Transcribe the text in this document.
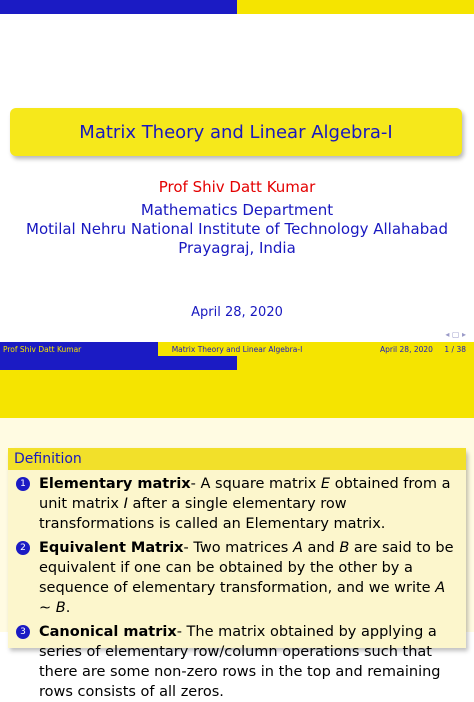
Matrix Theory and Linear Algebra-I
Prof Shiv Datt Kumar
Mathematics Department
Motilal Nehru National Institute of Technology Allahabad
Prayagraj, India
April 28, 2020
◂ ▢ ▸
Prof Shiv Datt Kumar	Matrix Theory and Linear Algebra-I	April 28, 2020 1 / 38
Definition
1 Elementary matrix- A square matrix E obtained from a unit matrix I after a single elementary row transformations is called an Elementary matrix.
2 Equivalent Matrix- Two matrices A and B are said to be equivalent if one can be obtained by the other by a sequence of elementary transformation, and we write A ∼ B.
3 Canonical matrix- The matrix obtained by applying a series of elementary row/column operations such that there are some non-zero rows in the top and remaining rows consists of all zeros.
